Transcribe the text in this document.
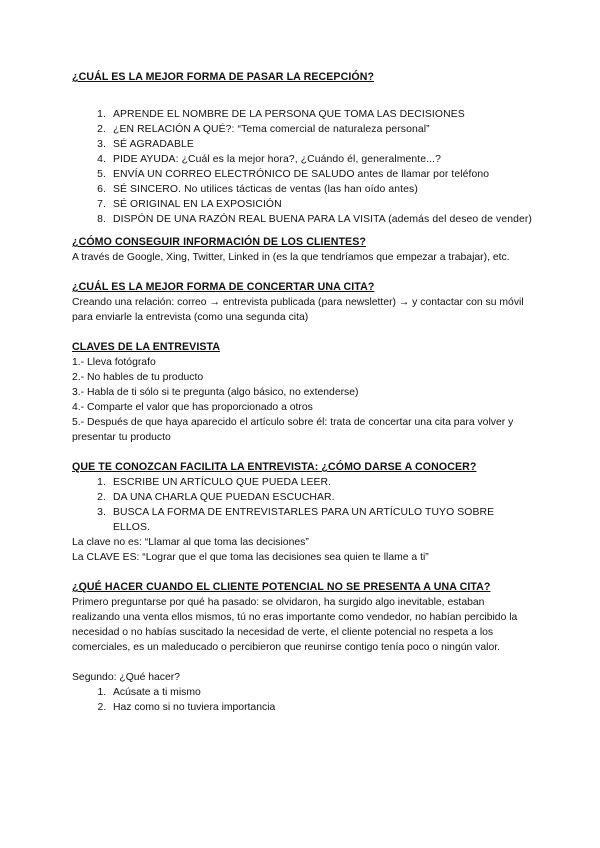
¿CUÁL ES LA MEJOR FORMA DE PASAR LA RECEPCIÓN?
1. APRENDE EL NOMBRE DE LA PERSONA QUE TOMA LAS DECISIONES
2. ¿EN RELACIÓN A QUÉ?: “Tema comercial de naturaleza personal”
3. SÉ AGRADABLE
4. PIDE AYUDA: ¿Cuál es la mejor hora?, ¿Cuándo él, generalmente...?
5. ENVÍA UN CORREO ELECTRÓNICO DE SALUDO antes de llamar por teléfono
6. SÉ SINCERO. No utilices tácticas de ventas (las han oído antes)
7. SÉ ORIGINAL EN LA EXPOSICIÓN
8. DISPÓN DE UNA RAZÓN REAL BUENA PARA LA VISITA (además del deseo de vender)
¿CÓMO CONSEGUIR INFORMACIÓN DE LOS CLIENTES?

A través de Google, Xing, Twitter, Linked in (es la que tendríamos que empezar a trabajar), etc.

¿CUÁL ES LA MEJOR FORMA DE CONCERTAR UNA CITA?

Creando una relación: correo → entrevista publicada (para newsletter) → y contactar con su móvil para enviarle la entrevista (como una segunda cita)

CLAVES DE LA ENTREVISTA

1.- Lleva fotógrafo

2.- No hables de tu producto

3.- Habla de ti sólo si te pregunta (algo básico, no extenderse)

4.- Comparte el valor que has proporcionado a otros

5.- Después de que haya aparecido el artículo sobre él: trata de concertar una cita para volver y presentar tu producto

QUE TE CONOZCAN FACILITA LA ENTREVISTA: ¿CÓMO DARSE A CONOCER?
1. ESCRIBE UN ARTÍCULO QUE PUEDA LEER.
2. DA UNA CHARLA QUE PUEDAN ESCUCHAR.
3. BUSCA LA FORMA DE ENTREVISTARLES PARA UN ARTÍCULO TUYO SOBRE ELLOS.

La clave no es: “Llamar al que toma las decisiones”

La CLAVE ES: “Lograr que el que toma las decisiones sea quien te llame a ti”

¿QUÉ HACER CUANDO EL CLIENTE POTENCIAL NO SE PRESENTA A UNA CITA?

Primero preguntarse por qué ha pasado: se olvidaron, ha surgido algo inevitable, estaban realizando una venta ellos mismos, tú no eras importante como vendedor, no habían percibido la necesidad o no habías suscitado la necesidad de verte, el cliente potencial no respeta a los comerciales, es un maleducado o percibieron que reunirse contigo tenía poco o ningún valor.

Segundo: ¿Qué hacer?

1. Acúsate a ti mismo
2. Haz como si no tuviera importancia
